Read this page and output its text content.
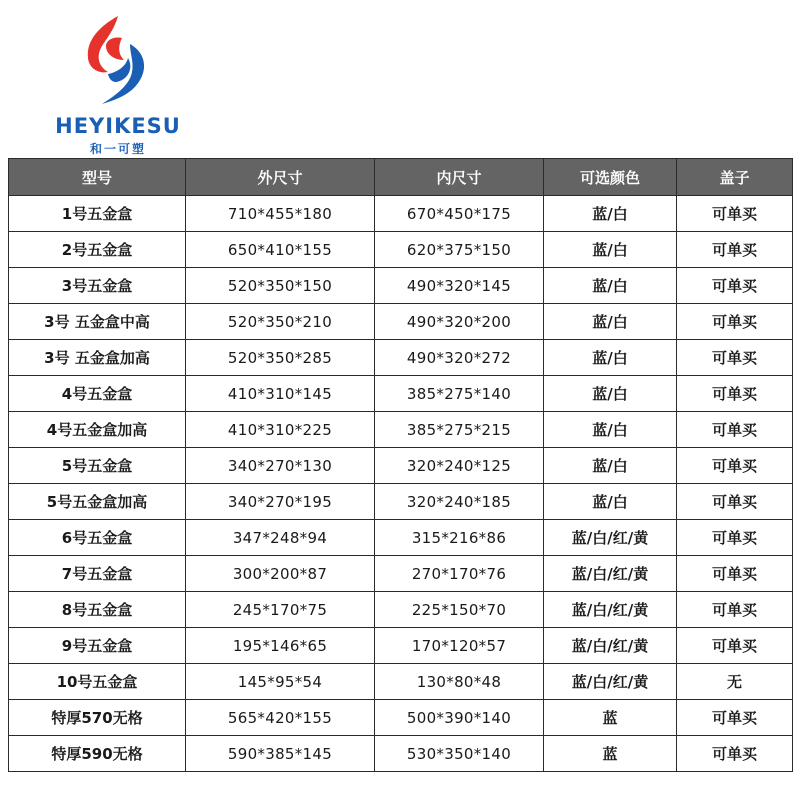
HEYIKESU
和一可塑
型号	外尺寸	内尺寸	可选颜色	盖子
1号五金盒	710*455*180	670*450*175	蓝/白	可单买
2号五金盒	650*410*155	620*375*150	蓝/白	可单买
3号五金盒	520*350*150	490*320*145	蓝/白	可单买
3号 五金盒中高	520*350*210	490*320*200	蓝/白	可单买
3号 五金盒加高	520*350*285	490*320*272	蓝/白	可单买
4号五金盒	410*310*145	385*275*140	蓝/白	可单买
4号五金盒加高	410*310*225	385*275*215	蓝/白	可单买
5号五金盒	340*270*130	320*240*125	蓝/白	可单买
5号五金盒加高	340*270*195	320*240*185	蓝/白	可单买
6号五金盒	347*248*94	315*216*86	蓝/白/红/黄	可单买
7号五金盒	300*200*87	270*170*76	蓝/白/红/黄	可单买
8号五金盒	245*170*75	225*150*70	蓝/白/红/黄	可单买
9号五金盒	195*146*65	170*120*57	蓝/白/红/黄	可单买
10号五金盒	145*95*54	130*80*48	蓝/白/红/黄	无
特厚570无格	565*420*155	500*390*140	蓝	可单买
特厚590无格	590*385*145	530*350*140	蓝	可单买
